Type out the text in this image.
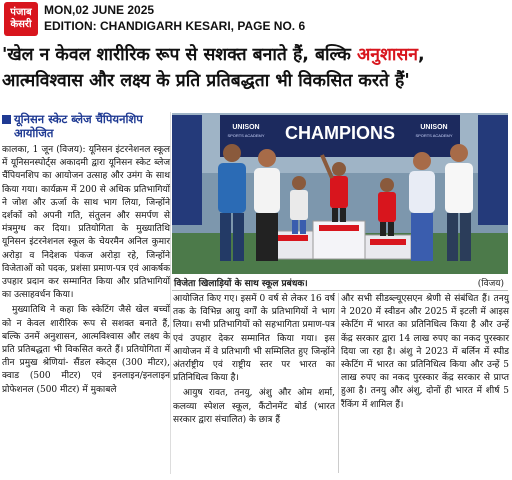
पंजाब
केसरी
MON,02 JUNE 2025
EDITION: CHANDIGARH KESARI, PAGE NO. 6
'खेल न केवल शारीरिक रूप से सशक्त बनाते हैं, बल्कि अनुशासन, आत्मविश्वास और लक्ष्य के प्रति प्रतिबद्धता भी विकसित करते हैं'
यूनिसन स्केट ब्लेज चैंपियनशिप आयोजित

कालका, 1 जून (विजय): यूनिसन इंटरनेशनल स्कूल में यूनिसनस्पोर्ट्स अकादमी द्वारा यूनिसन स्केट ब्लेज चैंपियनशिप का आयोजन उत्साह और उमंग के साथ किया गया। कार्यक्रम में 200 से अधिक प्रतिभागियों ने जोश और ऊर्जा के साथ भाग लिया, जिन्होंने दर्शकों को अपनी गति, संतुलन और समर्पण से मंत्रमुग्ध कर दिया। प्रतियोगिता के मुख्यातिथि यूनिसन इंटरनेशनल स्कूल के चेयरमैन अनिल कुमार अरोड़ा व निदेशक पंकज अरोड़ा रहे, जिन्होंने विजेताओं को पदक, प्रशंसा प्रमाण-पत्र एवं आकर्षक उपहार प्रदान कर सम्मानित किया और प्रतिभागियों का उत्साहवर्धन किया।

मुख्यातिथि ने कहा कि स्केटिंग जैसे खेल बच्चों को न केवल शारीरिक रूप से सशक्त बनाते हैं, बल्कि उनमें अनुशासन, आत्मविश्वास और लक्ष्य के प्रति प्रतिबद्धता भी विकसित करते हैं। प्रतियोगिता में तीन प्रमुख श्रेणियां- सैंडल स्केट्स (300 मीटर), क्वाड (500 मीटर) एवं इनलाइन/इनलाइन प्रोफेशनल (500 मीटर) में मुकाबले

CHAMPIONS
UNISON
SPORTS ACADEMY
UNISON
SPORTS ACADEMY
विजेता खिलाड़ियों के साथ स्कूल प्रबंधक।	(विजय)

आयोजित किए गए। इसमें 0 वर्ष से लेकर 16 वर्ष तक के विभिन्न आयु वर्गों के प्रतिभागियों ने भाग लिया। सभी प्रतिभागियों को सहभागिता प्रमाण-पत्र एवं उपहार देकर सम्मानित किया गया। इस आयोजन में वे प्रतिभागी भी सम्मिलित हुए जिन्होंने अंतर्राष्ट्रीय एवं राष्ट्रीय स्तर पर भारत का प्रतिनिधित्व किया है।

आयुष रावत, तनयु, अंशु और ओम शर्मा, कलव्या स्पेशल स्कूल, कैंटोनमेंट बोर्ड (भारत सरकार द्वारा संचालित) के छात्र हैं

और सभी सीडब्ल्यूएसएन श्रेणी से संबंधित हैं। तनयु ने 2020 में स्वीडन और 2025 में इटली में आइस स्केटिंग में भारत का प्रतिनिधित्व किया है और उन्हें केंद्र सरकार द्वारा 14 लाख रुपए का नकद पुरस्कार दिया जा रहा है। अंशु ने 2023 में बर्लिन में स्पीड स्केटिंग में भारत का प्रतिनिधित्व किया और उन्हें 5 लाख रुपए का नकद पुरस्कार केंद्र सरकार से प्राप्त हुआ है। तनयु और अंशु, दोनों ही भारत में शीर्ष 5 रैंकिंग में शामिल हैं।
